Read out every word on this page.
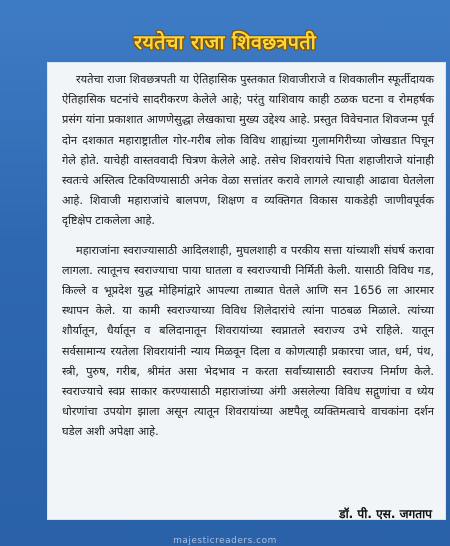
रयतेचा राजा शिवछत्रपती

रयतेचा राजा शिवछत्रपती या ऐतिहासिक पुस्तकात शिवाजीराजे व शिवकालीन स्फूर्तीदायक ऐतिहासिक घटनांचे सादरीकरण केलेले आहे; परंतु याशिवाय काही ठळक घटना व रोमहर्षक प्रसंग यांना प्रकाशात आणणेसुद्धा लेखकाचा मुख्य उद्देश्य आहे. प्रस्तुत विवेचनात शिवजन्म पूर्व दोन दशकात महाराष्ट्रातील गोर-गरीब लोक विविध शाह्यांच्या गुलामगिरीच्या जोखडात पिचून गेले होते. याचेही वास्तववादी चित्रण केलेले आहे. तसेच शिवरायांचे पिता शहाजीराजे यांनाही स्वतःचे अस्तित्व टिकविण्यासाठी अनेक वेळा सत्तांतर करावे लागले त्याचाही आढावा घेतलेला आहे. शिवाजी महाराजांचे बालपण, शिक्षण व व्यक्तिगत विकास याकडेही जाणीवपूर्वक दृष्टिक्षेप टाकलेला आहे.

महाराजांना स्वराज्यासाठी आदिलशाही, मुघलशाही व परकीय सत्ता यांच्याशी संघर्ष करावा लागला. त्यातूनच स्वराज्याचा पाया घातला व स्वराज्याची निर्मिती केली. यासाठी विविध गड, किल्ले व भूप्रदेश युद्ध मोहिमांद्वारे आपल्या ताब्यात घेतले आणि सन 1656 ला आरमार स्थापन केले. या कामी स्वराज्याच्या विविध शिलेदारांचे त्यांना पाठबळ मिळाले. त्यांच्या शौर्यातून, धैर्यातून व बलिदानातून शिवरायांच्या स्वप्नातले स्वराज्य उभे राहिले. यातून सर्वसामान्य रयतेला शिवरायांनी न्याय मिळवून दिला व कोणत्याही प्रकारचा जात, धर्म, पंथ, स्त्री, पुरुष, गरीब, श्रीमंत असा भेदभाव न करता सर्वांच्यासाठी स्वराज्य निर्माण केले. स्वराज्याचे स्वप्न साकार करण्यासाठी महाराजांच्या अंगी असलेल्या विविध सद्गुणांचा व ध्येय धोरणांचा उपयोग झाला असून त्यातून शिवरायांच्या अष्टपैलू व्यक्तिमत्वाचे वाचकांना दर्शन घडेल अशी अपेक्षा आहे.

डॉ. पी. एस. जगताप
majesticreaders.com
